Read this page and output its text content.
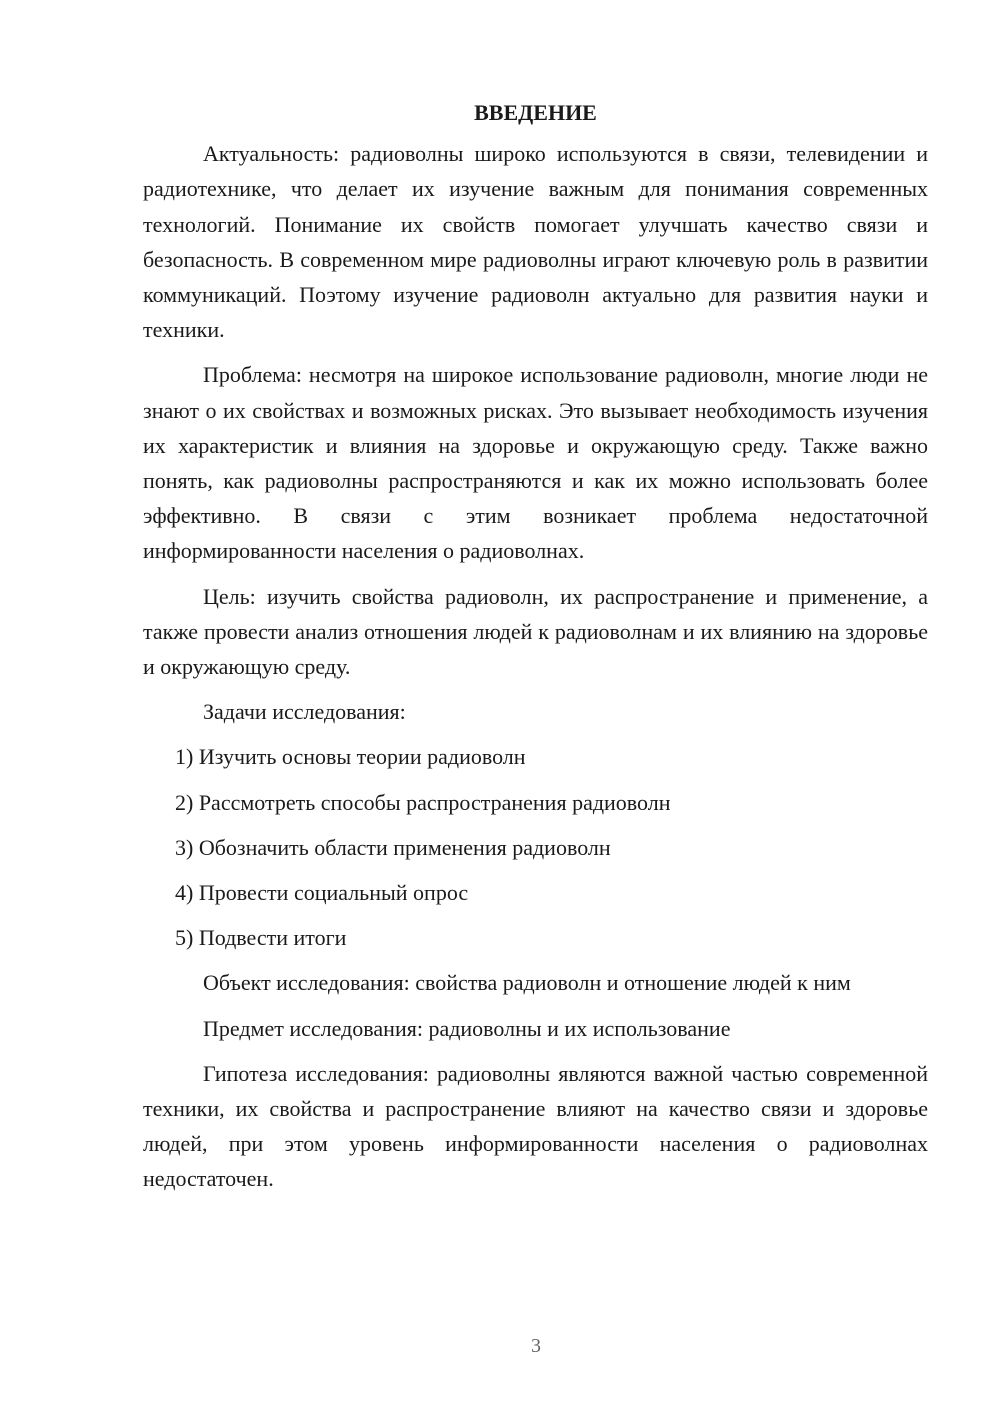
ВВЕДЕНИЕ

Актуальность: радиоволны широко используются в связи, телевидении и радиотехнике, что делает их изучение важным для понимания современных технологий. Понимание их свойств помогает улучшать качество связи и безопасность. В современном мире радиоволны играют ключевую роль в развитии коммуникаций. Поэтому изучение радиоволн актуально для развития науки и техники.

Проблема: несмотря на широкое использование радиоволн, многие люди не знают о их свойствах и возможных рисках. Это вызывает необходимость изучения их характеристик и влияния на здоровье и окружающую среду. Также важно понять, как радиоволны распространяются и как их можно использовать более эффективно. В связи с этим возникает проблема недостаточной информированности населения о радиоволнах.

Цель: изучить свойства радиоволн, их распространение и применение, а также провести анализ отношения людей к радиоволнам и их влиянию на здоровье и окружающую среду.

Задачи исследования:

1) Изучить основы теории радиоволн
2) Рассмотреть способы распространения радиоволн
3) Обозначить области применения радиоволн
4) Провести социальный опрос
5) Подвести итоги

Объект исследования: свойства радиоволн и отношение людей к ним

Предмет исследования: радиоволны и их использование

Гипотеза исследования: радиоволны являются важной частью современной техники, их свойства и распространение влияют на качество связи и здоровье людей, при этом уровень информированности населения о радиоволнах недостаточен.

3
